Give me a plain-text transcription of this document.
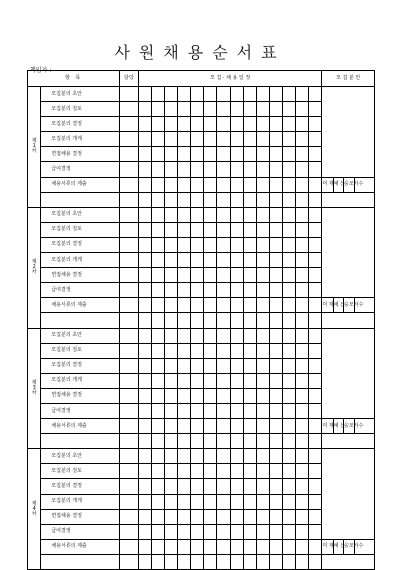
사원채용순서표
책임자 :
항 목		담당	모 집 · 채 용 일 정														모 집 분 안		

제
1
차	모집분의 초안																		
	모집분의 검토																		
	모집분의 결정																		
	모집분의 개게																		
	면접채용 결정																		
	급여결정																		
	채용서류의 제출																미 제	예 산	응모자수

제
2
차	모집분의 초안																		
	모집분의 검토																		
	모집분의 결정																		
	모집분의 개게																		
	면접채용 결정																		
	급여결정																		
	채용서류의 제출																미 제	예 산	응모자수

제
3
차	모집분의 초안																		
	모집분의 검토																		
	모집분의 결정																		
	모집분의 개게																		
	면접채용 결정																		
	급여결정																		
	채용서류의 제출																미 제	예 산	응모자수

제
4
차	모집분의 초안																		
	모집분의 검토																		
	모집분의 결정																		
	모집분의 개게																		
	면접채용 결정																		
	급여결정																		
	채용서류의 제출																미 제	예 산	응모자수
